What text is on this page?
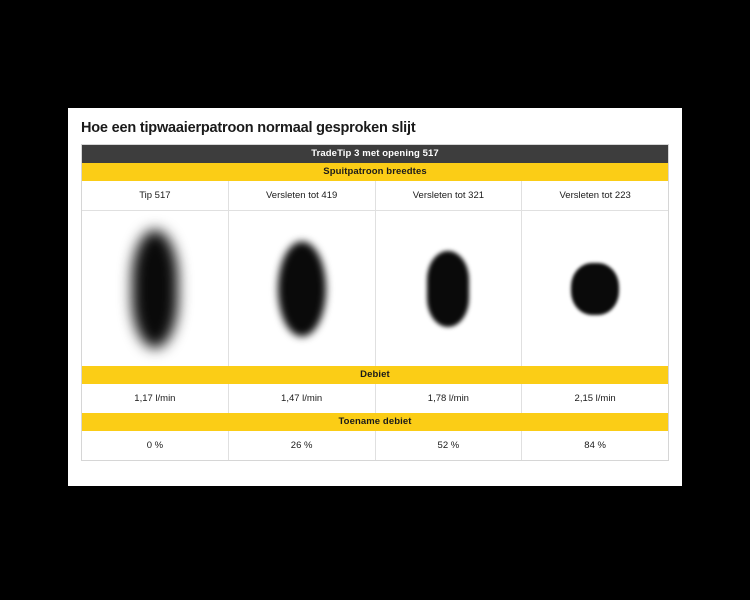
Hoe een tipwaaierpatroon normaal gesproken slijt
TradeTip 3 met opening 517
Spuitpatroon breedtes
Tip 517	Versleten tot 419	Versleten tot 321	Versleten tot 223
Debiet
1,17 l/min	1,47 l/min	1,78 l/min	2,15 l/min
Toename debiet
0 %	26 %	52 %	84 %
